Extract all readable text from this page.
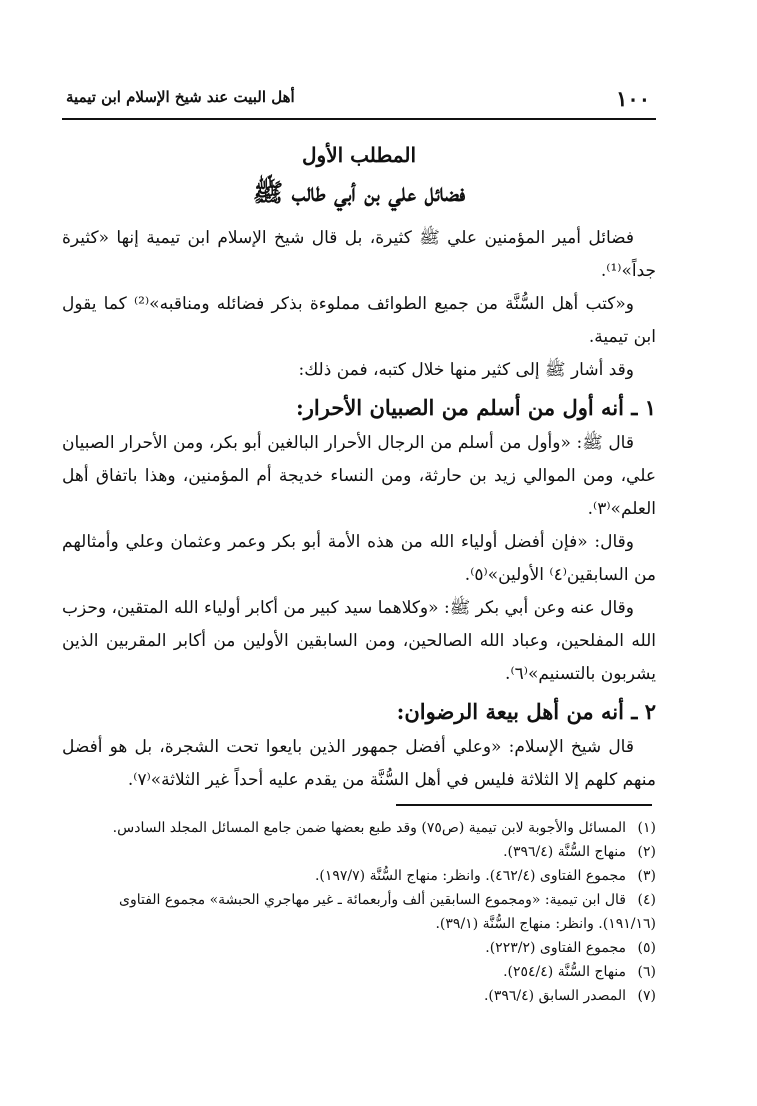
١٠٠
أهل البيت عند شيخ الإسلام ابن تيمية
المطلب الأول
فضائل علي بن أبي طالب ﷺ

فضائل أمير المؤمنين علي ﷺ كثيرة، بل قال شيخ الإسلام ابن تيمية إنها «كثيرة جداً»⁽¹⁾.

و«كتب أهل السُّنَّة من جميع الطوائف مملوءة بذكر فضائله ومناقبه»⁽²⁾ كما يقول ابن تيمية.

وقد أشار ﷺ إلى كثير منها خلال كتبه، فمن ذلك:

١ ـ أنه أول من أسلم من الصبيان الأحرار:

قال ﷺ: «وأول من أسلم من الرجال الأحرار البالغين أبو بكر، ومن الأحرار الصبيان علي، ومن الموالي زيد بن حارثة، ومن النساء خديجة أم المؤمنين، وهذا باتفاق أهل العلم»⁽٣⁾.

وقال: «فإن أفضل أولياء الله من هذه الأمة أبو بكر وعمر وعثمان وعلي وأمثالهم من السابقين⁽٤⁾ الأولين»⁽٥⁾.

وقال عنه وعن أبي بكر ﷺ: «وكلاهما سيد كبير من أكابر أولياء الله المتقين، وحزب الله المفلحين، وعباد الله الصالحين، ومن السابقين الأولين من أكابر المقربين الذين يشربون بالتسنيم»⁽٦⁾.

٢ ـ أنه من أهل بيعة الرضوان:

قال شيخ الإسلام: «وعلي أفضل جمهور الذين بايعوا تحت الشجرة، بل هو أفضل منهم كلهم إلا الثلاثة فليس في أهل السُّنَّة من يقدم عليه أحداً غير الثلاثة»⁽٧⁾.

(١)
المسائل والأجوبة لابن تيمية (ص٧٥) وقد طبع بعضها ضمن جامع المسائل المجلد السادس.
(٢)
منهاج السُّنَّة (٣٩٦/٤).
(٣)
مجموع الفتاوى (٤٦٢/٤). وانظر: منهاج السُّنَّة (١٩٧/٧).
(٤)
قال ابن تيمية: «ومجموع السابقين ألف وأربعمائة ـ غير مهاجري الحبشة» مجموع الفتاوى
(١٩١/١٦). وانظر: منهاج السُّنَّة (٣٩/١).
(٥)
مجموع الفتاوى (٢٢٣/٢).
(٦)
منهاج السُّنَّة (٢٥٤/٤).
(٧)
المصدر السابق (٣٩٦/٤).
